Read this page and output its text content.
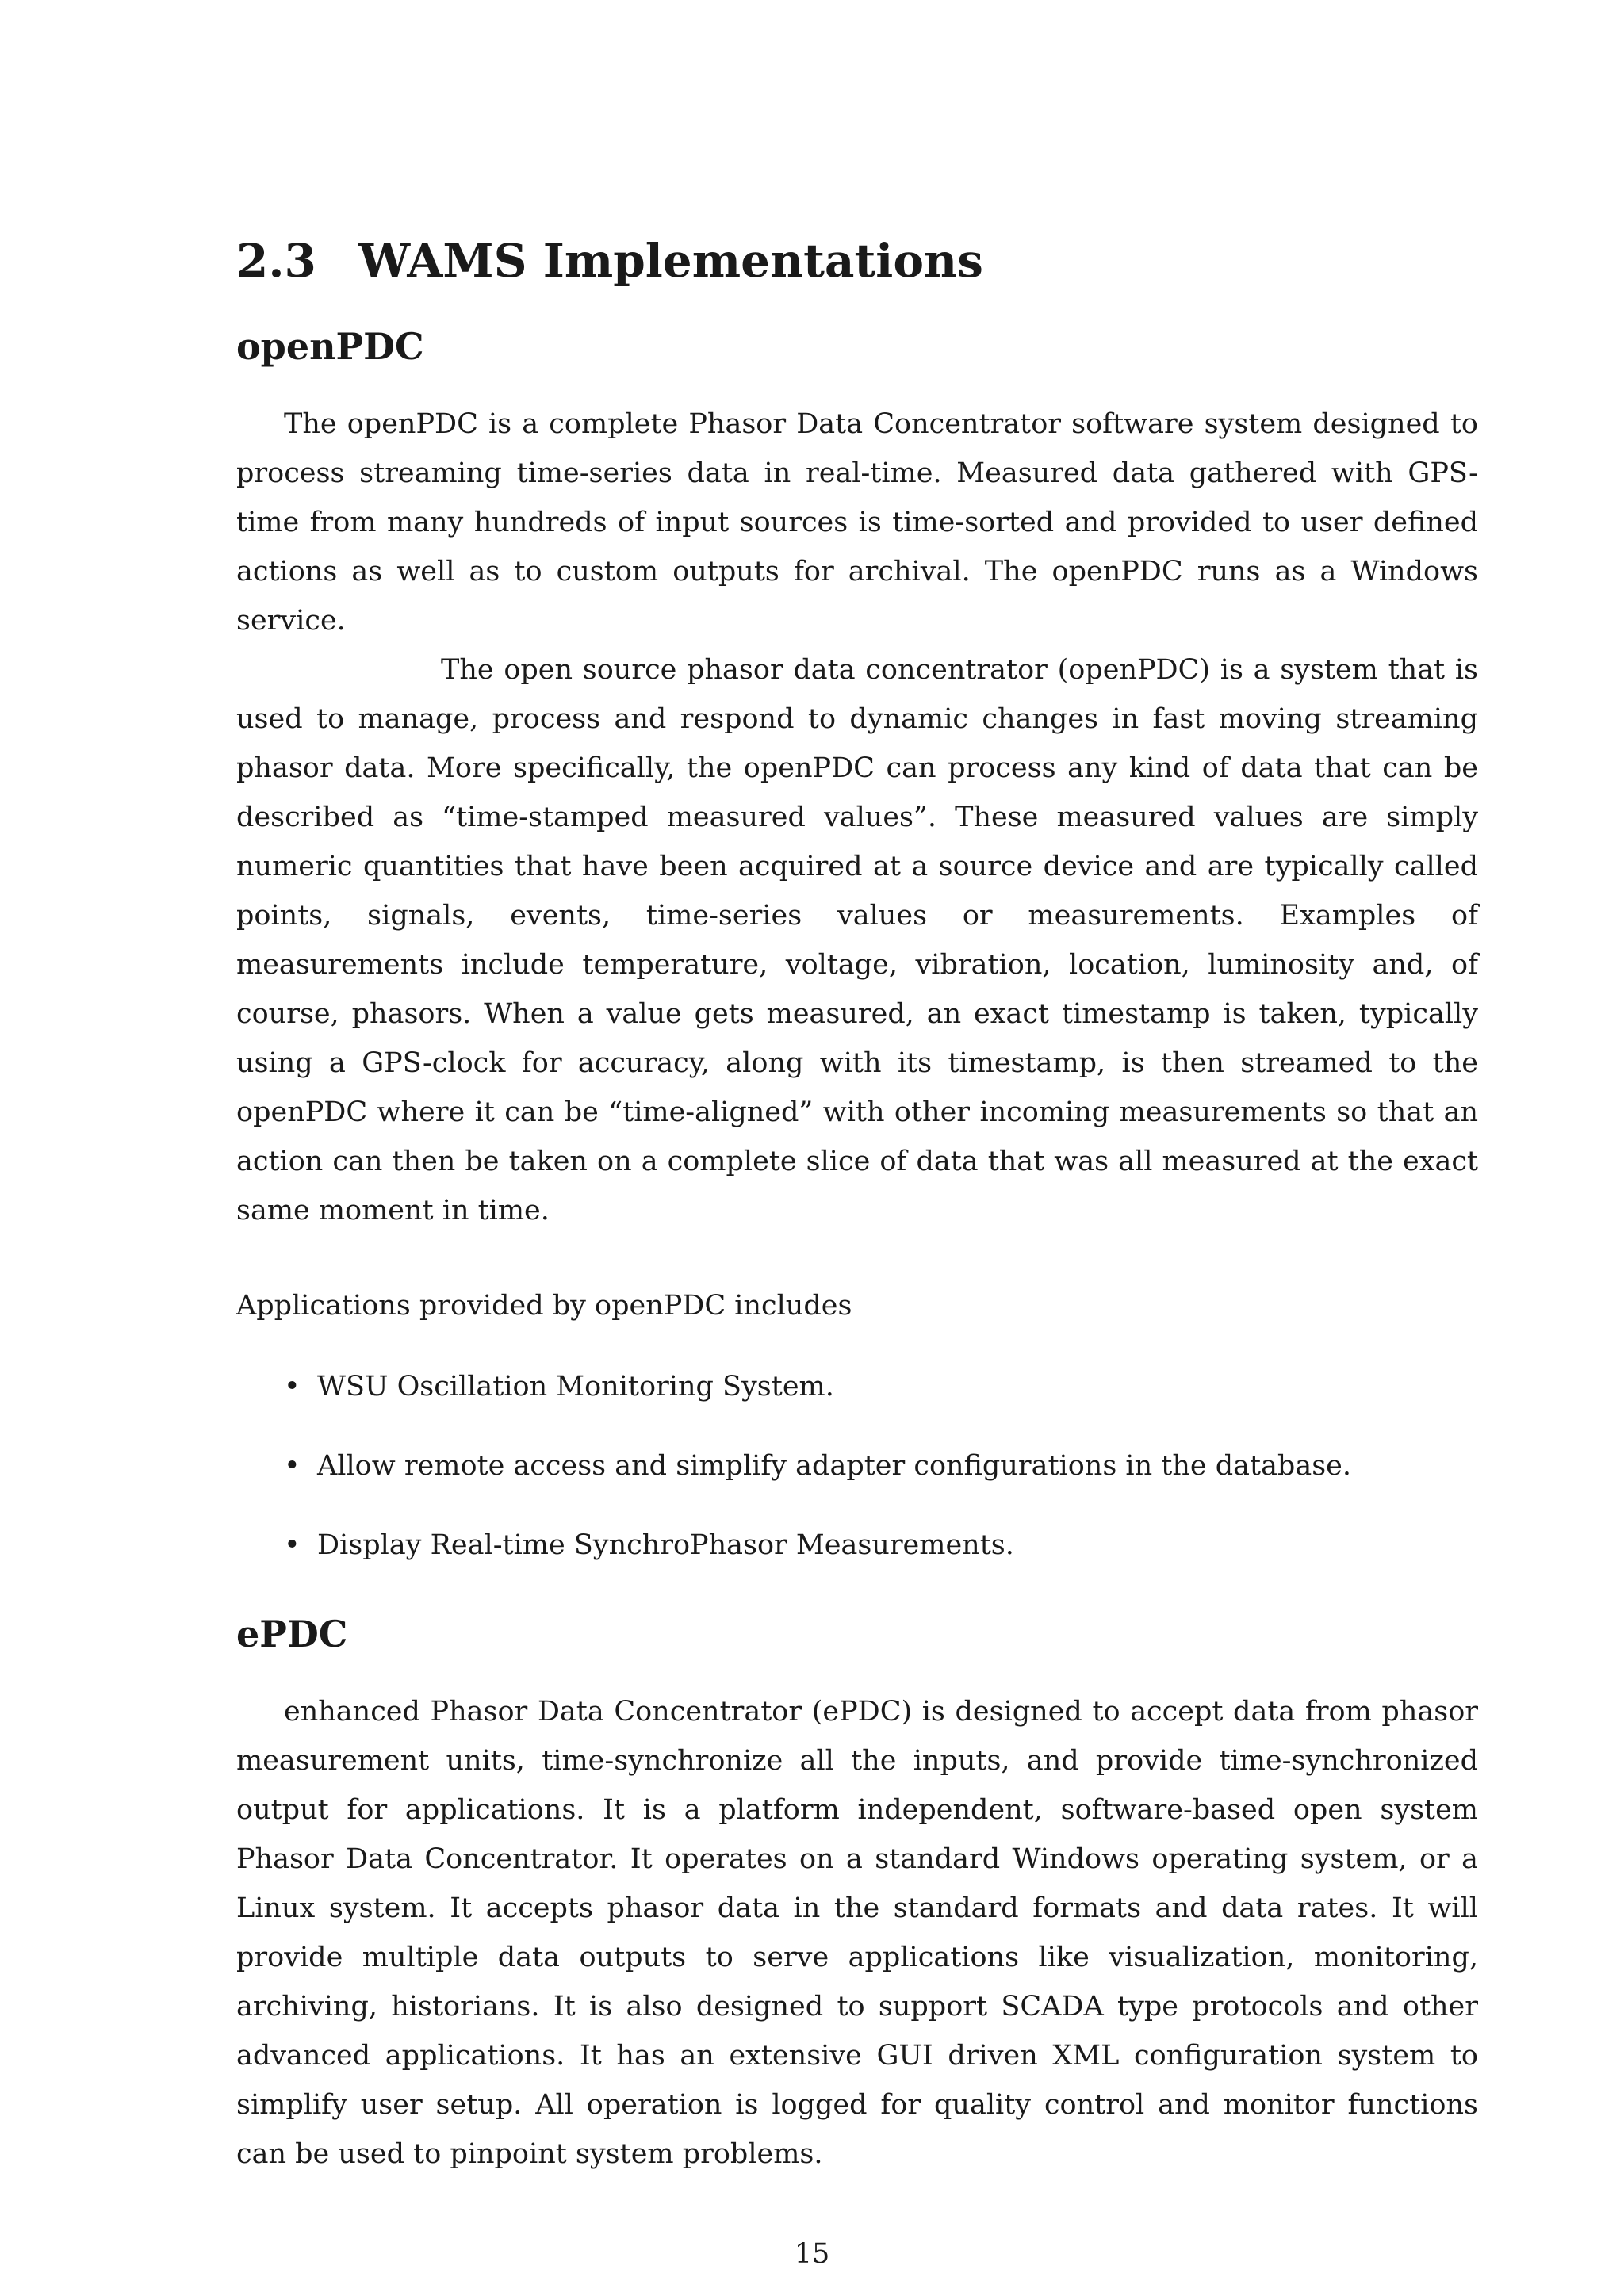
2.3 WAMS Implementations
openPDC

The openPDC is a complete Phasor Data Concentrator software system designed to process streaming time-series data in real-time. Measured data gathered with GPS-time from many hundreds of input sources is time-sorted and provided to user defined actions as well as to custom outputs for archival. The openPDC runs as a Windows service.

The open source phasor data concentrator (openPDC) is a system that is used to manage, process and respond to dynamic changes in fast moving streaming phasor data. More specifically, the openPDC can process any kind of data that can be described as “time-stamped measured values”. These measured values are simply numeric quantities that have been acquired at a source device and are typically called points, signals, events, time-series values or measurements. Examples of measurements include temperature, voltage, vibration, location, luminosity and, of course, phasors. When a value gets measured, an exact timestamp is taken, typically using a GPS-clock for accuracy, along with its timestamp, is then streamed to the openPDC where it can be “time-aligned” with other incoming measurements so that an action can then be taken on a complete slice of data that was all measured at the exact same moment in time.

Applications provided by openPDC includes

• WSU Oscillation Monitoring System.
• Allow remote access and simplify adapter configurations in the database.
• Display Real-time SynchroPhasor Measurements.
ePDC

enhanced Phasor Data Concentrator (ePDC) is designed to accept data from phasor measurement units, time-synchronize all the inputs, and provide time-synchronized output for applications. It is a platform independent, software-based open system Phasor Data Concentrator. It operates on a standard Windows operating system, or a Linux system. It accepts phasor data in the standard formats and data rates. It will provide multiple data outputs to serve applications like visualization, monitoring, archiving, historians. It is also designed to support SCADA type protocols and other advanced applications. It has an extensive GUI driven XML configuration system to simplify user setup. All operation is logged for quality control and monitor functions can be used to pinpoint system problems.

15
